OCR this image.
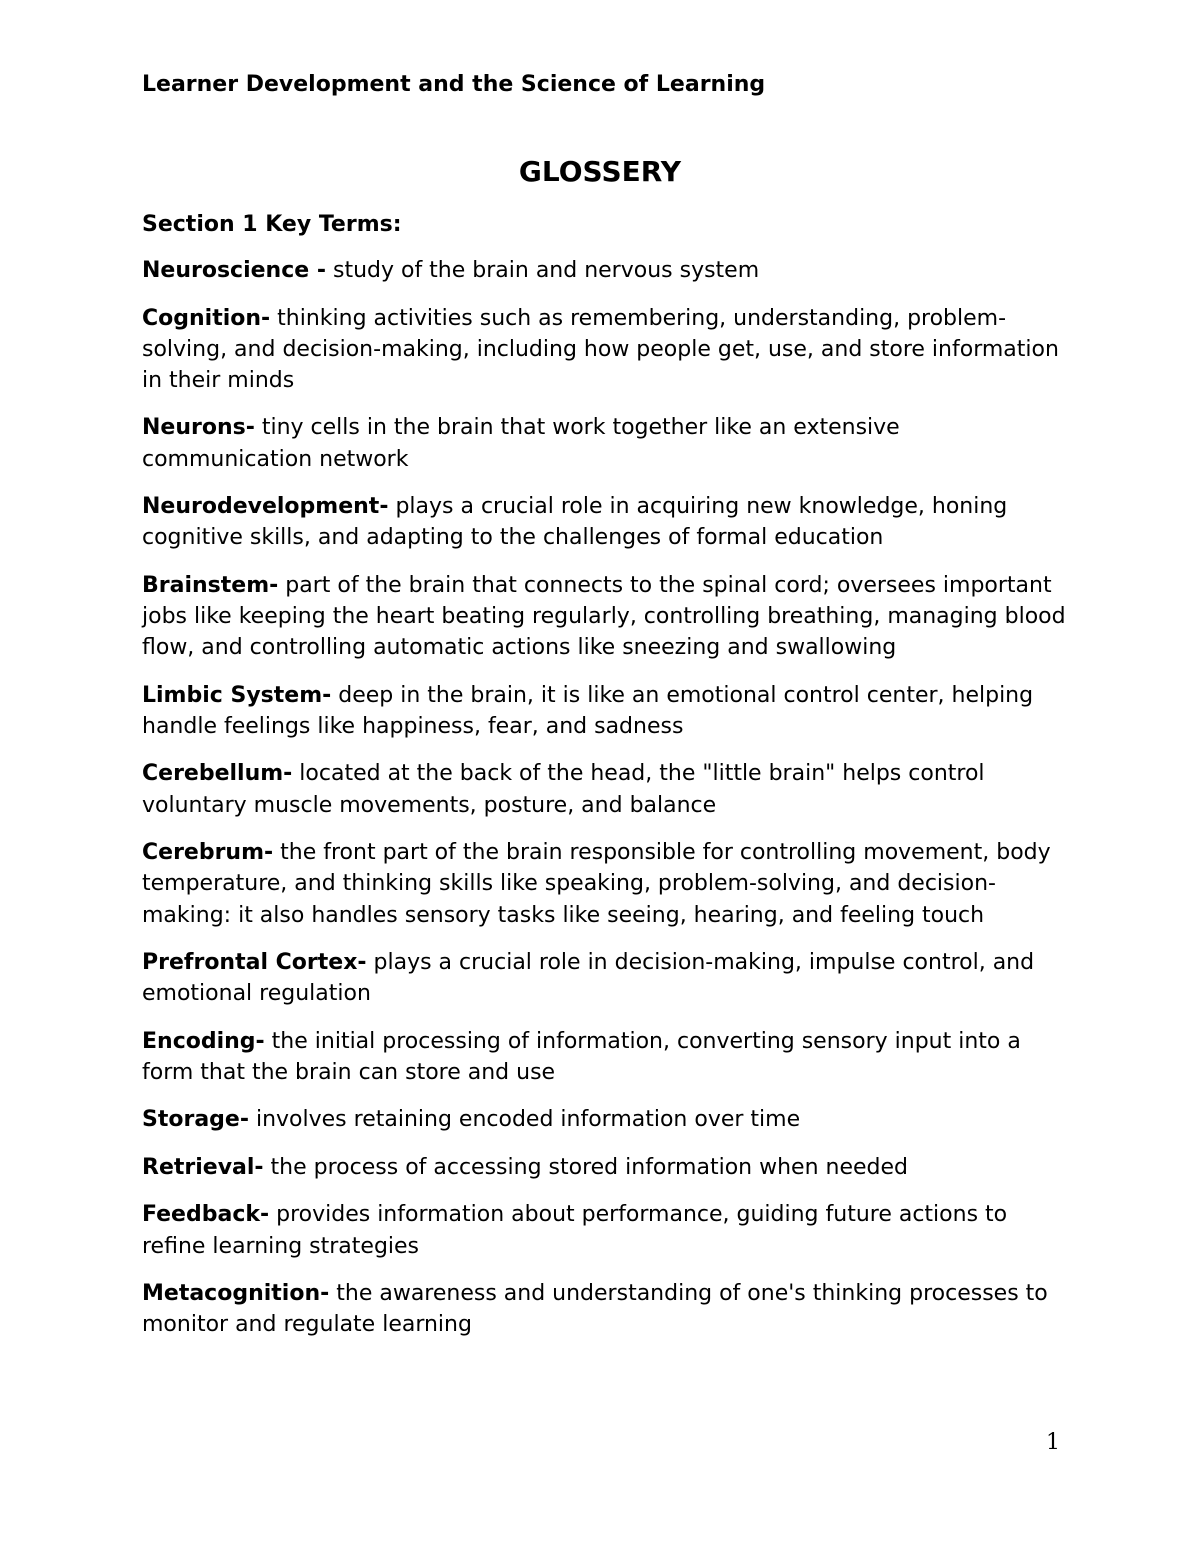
Learner Development and the Science of Learning
GLOSSERY
Section 1 Key Terms:
Neuroscience - study of the brain and nervous system
Cognition- thinking activities such as remembering, understanding, problem-solving, and decision-making, including how people get, use, and store information in their minds
Neurons- tiny cells in the brain that work together like an extensive communication network
Neurodevelopment- plays a crucial role in acquiring new knowledge, honing cognitive skills, and adapting to the challenges of formal education
Brainstem- part of the brain that connects to the spinal cord; oversees important jobs like keeping the heart beating regularly, controlling breathing, managing blood flow, and controlling automatic actions like sneezing and swallowing
Limbic System- deep in the brain, it is like an emotional control center, helping handle feelings like happiness, fear, and sadness
Cerebellum- located at the back of the head, the "little brain" helps control voluntary muscle movements, posture, and balance
Cerebrum- the front part of the brain responsible for controlling movement, body temperature, and thinking skills like speaking, problem-solving, and decision-making: it also handles sensory tasks like seeing, hearing, and feeling touch
Prefrontal Cortex- plays a crucial role in decision-making, impulse control, and emotional regulation
Encoding- the initial processing of information, converting sensory input into a form that the brain can store and use
Storage- involves retaining encoded information over time
Retrieval- the process of accessing stored information when needed
Feedback- provides information about performance, guiding future actions to refine learning strategies
Metacognition- the awareness and understanding of one's thinking processes to monitor and regulate learning
1
